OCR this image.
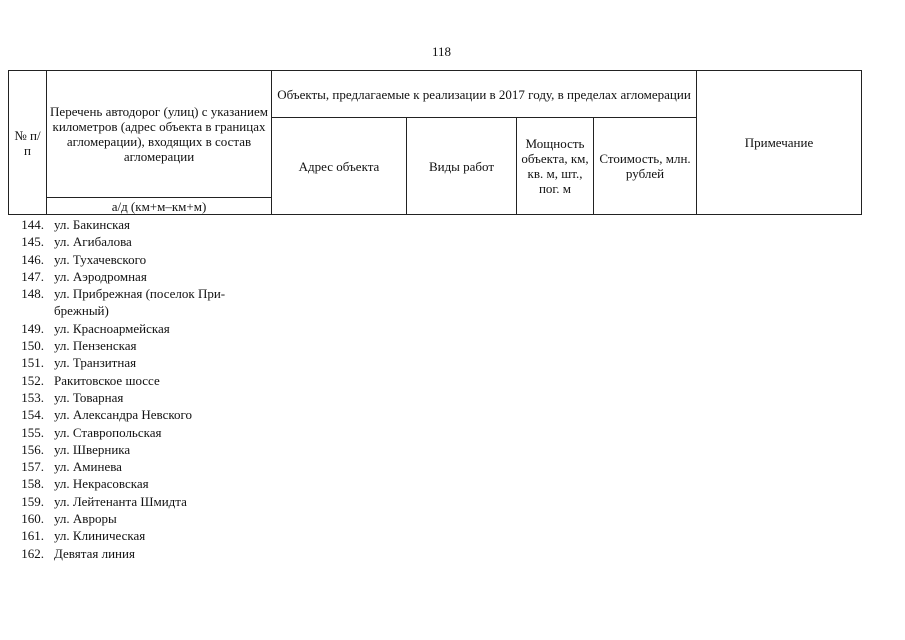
118
№ п/п	Перечень автодорог (улиц) с указанием километров (адрес объекта в границах агломерации), входящих в состав агломерации	Объекты, предлагаемые к реализации в 2017 году, в пределах агломерации				Примечание
		Адрес объекта	Виды работ	Мощность объекта, км, кв. м, шт., пог. м	Стоимость, млн. рублей	
	а/д (км+м–км+м)					
144. ул. Бакинская
145. ул. Агибалова
146. ул. Тухачевского
147. ул. Аэродромная
148. ул. Прибрежная (поселок При-
брежный)
149. ул. Красноармейская
150. ул. Пензенская
151. ул. Транзитная
152. Ракитовское шоссе
153. ул. Товарная
154. ул. Александра Невского
155. ул. Ставропольская
156. ул. Шверника
157. ул. Аминева
158. ул. Некрасовская
159. ул. Лейтенанта Шмидта
160. ул. Авроры
161. ул. Клиническая
162. Девятая линия
